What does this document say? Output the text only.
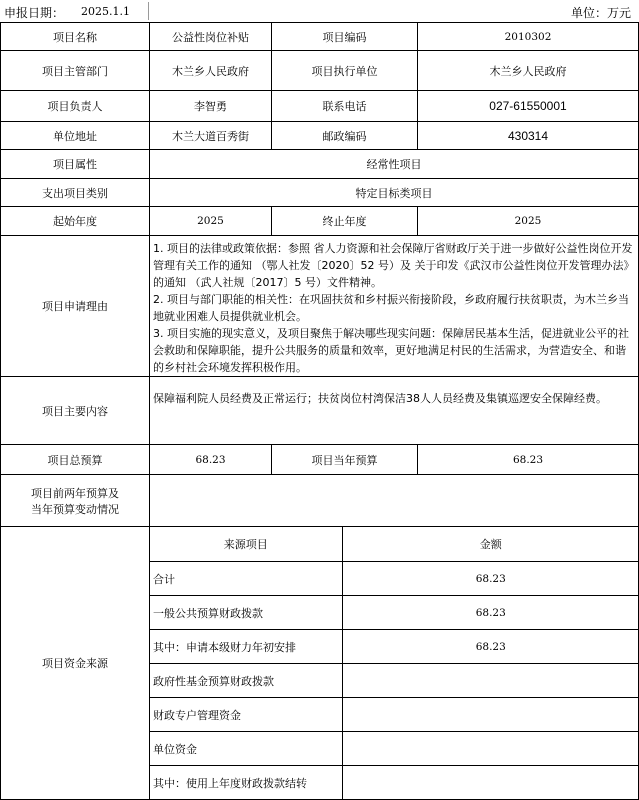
申报日期： 2025.1.1	单位：万元
项目名称	公益性岗位补贴	项目编码	2010302
项目主管部门	木兰乡人民政府	项目执行单位	木兰乡人民政府
项目负责人	李智勇	联系电话	027-61550001
单位地址	木兰大道百秀街	邮政编码	430314
项目属性	经常性项目
支出项目类别	特定目标类项目
起始年度	2025	终止年度	2025
项目申请理由	

1. 项目的法律或政策依据：参照 省人力资源和社会保障厅省财政厅关于进一步做好公益性岗位开发管理有关工作的通知 （鄂人社发〔2020〕52 号）及 关于印发《武汉市公益性岗位开发管理办法》的通知 （武人社规〔2017〕5 号）文件精神。

2. 项目与部门职能的相关性：在巩固扶贫和乡村振兴衔接阶段，乡政府履行扶贫职责，为木兰乡当地就业困难人员提供就业机会。

3. 项目实施的现实意义，及项目聚焦于解决哪些现实问题：保障居民基本生活，促进就业公平的社会救助和保障职能，提升公共服务的质量和效率，更好地满足村民的生活需求，为营造安全、和谐的乡村社会环境发挥积极作用。

项目主要内容	保障福利院人员经费及正常运行；扶贫岗位村湾保洁38人人员经费及集镇巡逻安全保障经费。
项目总预算	68.23	项目当年预算	68.23

项目前两年预算及
当年预算变动情况

项目资金来源	
来源项目	金额
合计	68.23
一般公共预算财政拨款	68.23
其中：申请本级财力年初安排	68.23
政府性基金预算财政拨款	
财政专户管理资金	
单位资金	
其中：使用上年度财政拨款结转	
